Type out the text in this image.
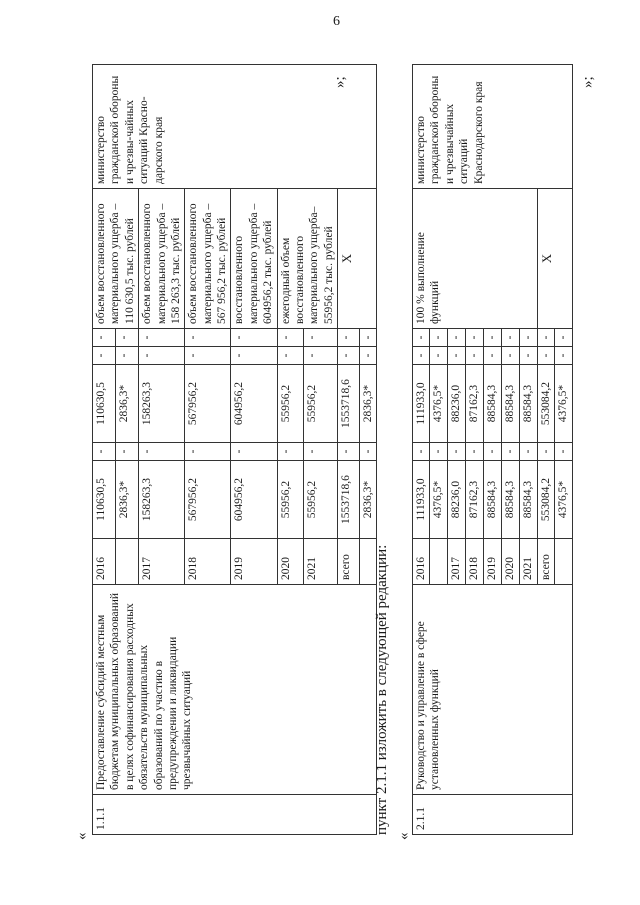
6
«
1.1.1	Предоставление субсидий местным бюджетам муниципальных образований в целях софинансирования расходных обязательств муниципальных образований по участию в предупреждении и ликвидации чрезвычайных ситуаций	2016	110630,5	-	110630,5	-	-	объем восстановленного материального ущерба – 110 630,5 тыс. рублей	министерство гражданской обороны и чрезвы-чайных ситуаций Красно-дарского края
			2836,3*	-	2836,3*	-	-		
		2017	158263,3	-	158263,3	-	-	объем восстановленного материального ущерба – 158 263,3 тыс. рублей	
		2018	567956,2	-	567956,2	-	-	объем восстановленного материального ущерба – 567 956,2 тыс. рублей	
		2019	604956,2	-	604956,2	-	-	восстановленного материального ущерба – 604956,2 тыс. рублей	
		2020	55956,2	-	55956,2	-	-	ежегодный объем восстановленного материального ущерба– 55956,2 тыс. рублей	
		2021	55956,2	-	55956,2	-	-		
		всего	1553718,6	-	1553718,6	-	-	X	
			2836,3*	-	2836,3*	-	-		
»;
пункт 2.1.1 изложить в следующей редакции:
«
2.1.1	Руководство и управление в сфере установленных функций	2016	111933,0	-	111933,0	-	-	100 % выполнение функций	министерство гражданской обороны и чрезвычайных ситуаций Краснодарского края
			4376,5*	-	4376,5*	-	-		
		2017	88236,0	-	88236,0	-	-		
		2018	87162,3	-	87162,3	-	-		
		2019	88584,3	-	88584,3	-	-		
		2020	88584,3	-	88584,3	-	-		
		2021	88584,3	-	88584,3	-	-		
		всего	553084,2	-	553084,2	-	-	X	
			4376,5*	-	4376,5*	-	-		
»;
